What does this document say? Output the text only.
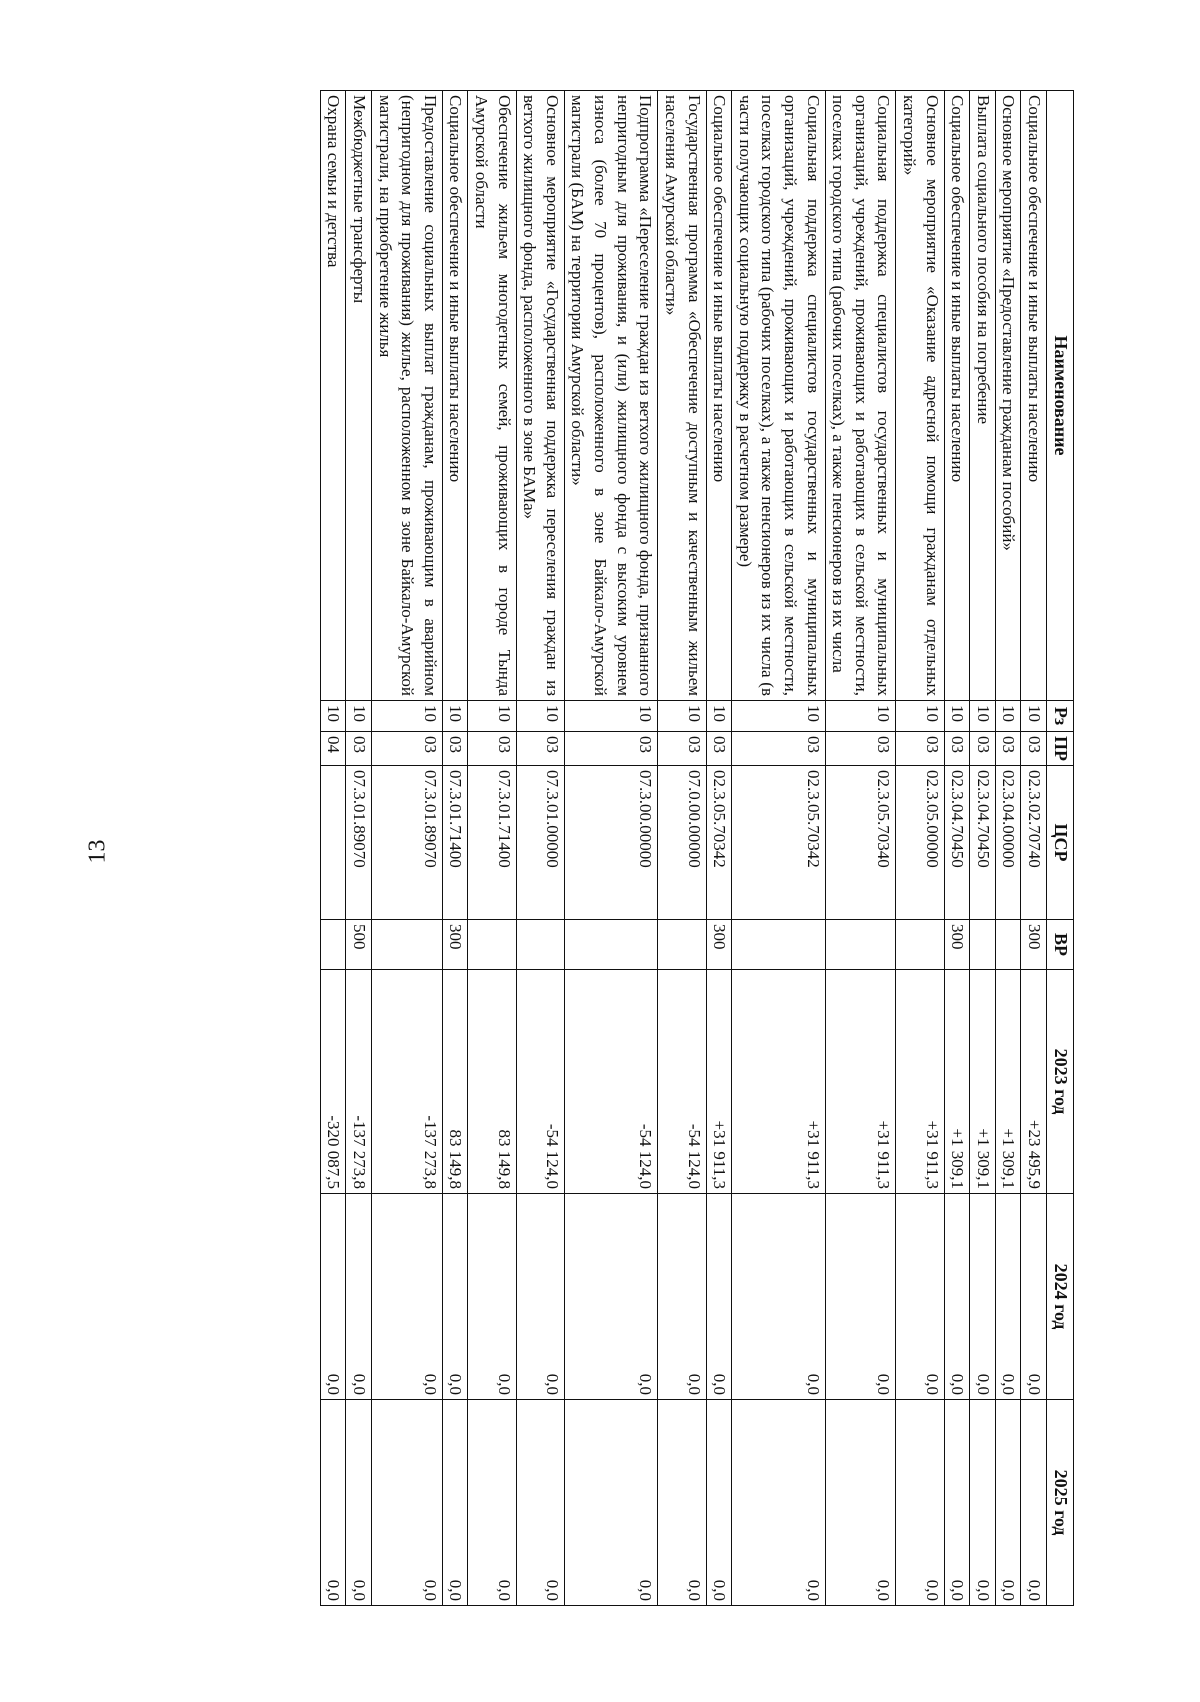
13
Наименование	Рз	ПР	ЦСР	ВР	2023 год	2024 год	2025 год
Социальное обеспечение и иные выплаты населению	10	03	02.3.02.70740	300	+23 495,9	0,0	0,0
Основное мероприятие «Предоставление гражданам пособий»	10	03	02.3.04.00000		+1 309,1	0,0	0,0
Выплата социального пособия на погребение	10	03	02.3.04.70450		+1 309,1	0,0	0,0
Социальное обеспечение и иные выплаты населению	10	03	02.3.04.70450	300	+1 309,1	0,0	0,0
Основное мероприятие «Оказание адресной помощи гражданам отдельных категорий»	10	03	02.3.05.00000		+31 911,3	0,0	0,0
Социальная поддержка специалистов государственных и муниципальных организаций, учреждений, проживающих и работающих в сельской местности, поселках городского типа (рабочих поселках), а также пенсионеров из их числа	10	03	02.3.05.70340		+31 911,3	0,0	0,0
Социальная поддержка специалистов государственных и муниципальных организаций, учреждений, проживающих и работающих в сельской местности, поселках городского типа (рабочих поселках), а также пенсионеров из их числа (в части получающих социальную поддержку в расчетном размере)	10	03	02.3.05.70342		+31 911,3	0,0	0,0
Социальное обеспечение и иные выплаты населению	10	03	02.3.05.70342	300	+31 911,3	0,0	0,0
Государственная программа «Обеспечение доступным и качественным жильем населения Амурской области»	10	03	07.0.00.00000		-54 124,0	0,0	0,0
Подпрограмма «Переселение граждан из ветхого жилищного фонда, признанного непригодным для проживания, и (или) жилищного фонда с высоким уровнем износа (более 70 процентов), расположенного в зоне Байкало-Амурской магистрали (БАМ) на территории Амурской области»	10	03	07.3.00.00000		-54 124,0	0,0	0,0
Основное мероприятие «Государственная поддержка переселения граждан из ветхого жилищного фонда, расположенного в зоне БАМа»	10	03	07.3.01.00000		-54 124,0	0,0	0,0
Обеспечение жильем многодетных семей, проживающих в городе Тында Амурской области	10	03	07.3.01.71400		83 149,8	0,0	0,0
Социальное обеспечение и иные выплаты населению	10	03	07.3.01.71400	300	83 149,8	0,0	0,0
Предоставление социальных выплат гражданам, проживающим в аварийном (непригодном для проживания) жилье, расположенном в зоне Байкало-Амурской магистрали, на приобретение жилья	10	03	07.3.01.89070		-137 273,8	0,0	0,0
Межбюджетные трансферты	10	03	07.3.01.89070	500	-137 273,8	0,0	0,0
Охрана семьи и детства	10	04			-320 087,5	0,0	0,0
